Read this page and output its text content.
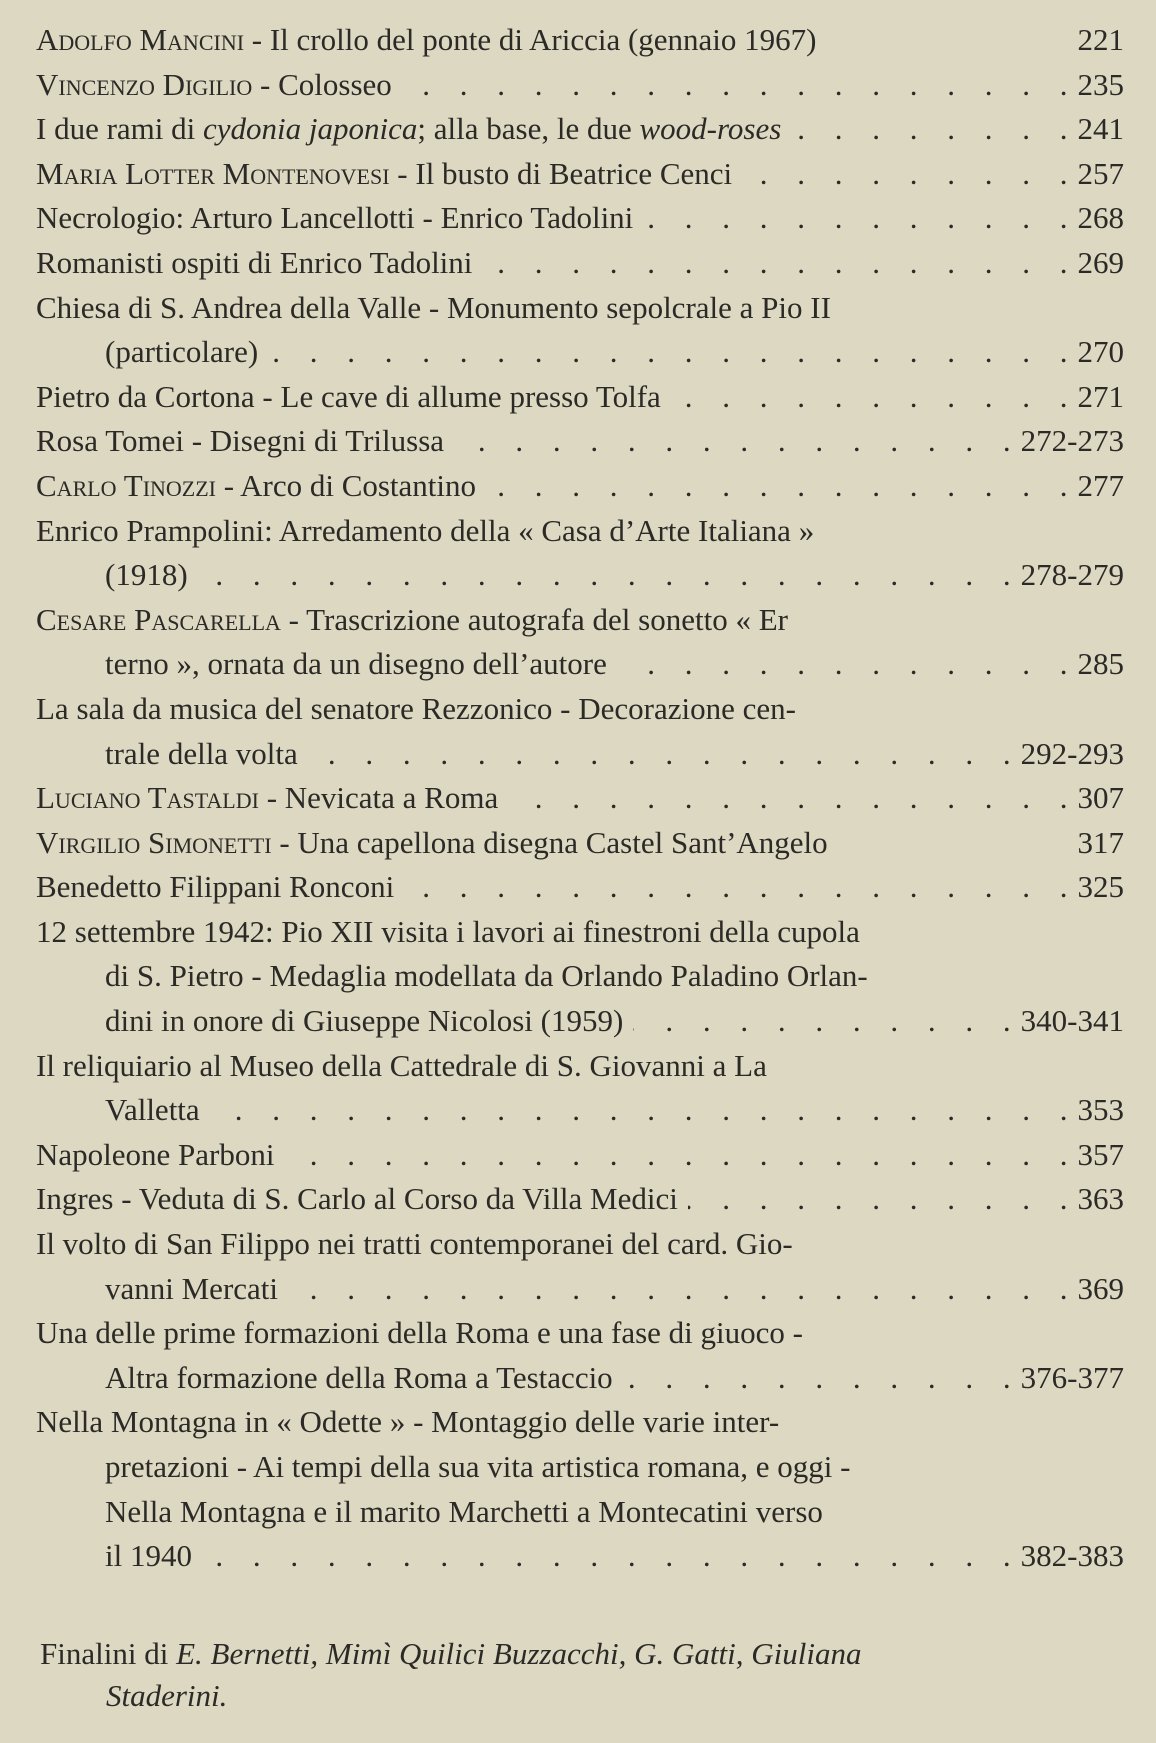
Adolfo Mancini - Il crollo del ponte di Ariccia (gennaio 1967)	221
Vincenzo Digilio - Colosseo . . .	235
I due rami di cydonia japonica; alla base, le due wood-roses . . .	241
Maria Lotter Montenovesi - Il busto di Beatrice Cenci . . .	257
Necrologio: Arturo Lancellotti - Enrico Tadolini . . .	268
Romanisti ospiti di Enrico Tadolini . . .	269
Chiesa di S. Andrea della Valle - Monumento sepolcrale a Pio II
(particolare) . . .	270
Pietro da Cortona - Le cave di allume presso Tolfa . . .	271
Rosa Tomei - Disegni di Trilussa . . .	272-273
Carlo Tinozzi - Arco di Costantino . . .	277
Enrico Prampolini: Arredamento della « Casa d’Arte Italiana »
(1918) . . .	278-279
Cesare Pascarella - Trascrizione autografa del sonetto « Er
terno », ornata da un disegno dell’autore . . .	285
La sala da musica del senatore Rezzonico - Decorazione cen-
trale della volta . . .	292-293
Luciano Tastaldi - Nevicata a Roma . . .	307
Virgilio Simonetti - Una capellona disegna Castel Sant’Angelo	317
Benedetto Filippani Ronconi . . .	325
12 settembre 1942: Pio XII visita i lavori ai finestroni della cupola
di S. Pietro - Medaglia modellata da Orlando Paladino Orlan-
dini in onore di Giuseppe Nicolosi (1959) . . .	340-341
Il reliquiario al Museo della Cattedrale di S. Giovanni a La
Valletta . . .	353
Napoleone Parboni . . .	357
Ingres - Veduta di S. Carlo al Corso da Villa Medici . . .	363
Il volto di San Filippo nei tratti contemporanei del card. Gio-
vanni Mercati . . .	369
Una delle prime formazioni della Roma e una fase di giuoco -
Altra formazione della Roma a Testaccio . . .	376-377
Nella Montagna in « Odette » - Montaggio delle varie inter-
pretazioni - Ai tempi della sua vita artistica romana, e oggi -
Nella Montagna e il marito Marchetti a Montecatini verso
il 1940 . . .	382-383
Finalini di E. Bernetti, Mimì Quilici Buzzacchi, G. Gatti, Giuliana
Staderini.
